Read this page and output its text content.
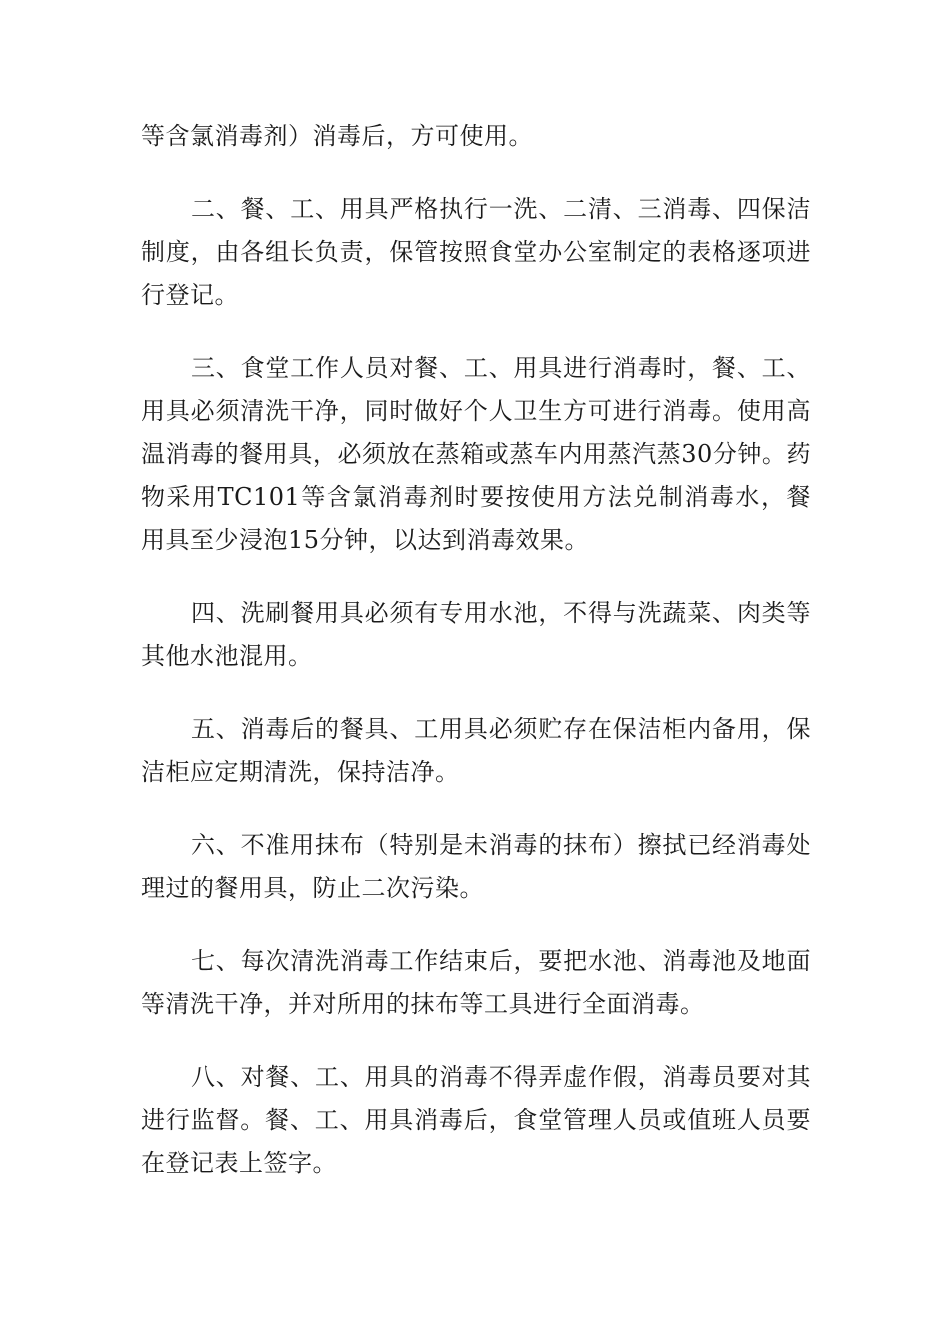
等含氯消毒剂）消毒后，方可使用。

二、餐、工、用具严格执行一洗、二清、三消毒、四保洁制度，由各组长负责，保管按照食堂办公室制定的表格逐项进行登记。

三、食堂工作人员对餐、工、用具进行消毒时，餐、工、用具必须清洗干净，同时做好个人卫生方可进行消毒。使用高温消毒的餐用具，必须放在蒸箱或蒸车内用蒸汽蒸30分钟。药物采用TC101等含氯消毒剂时要按使用方法兑制消毒水，餐用具至少浸泡15分钟，以达到消毒效果。

四、洗刷餐用具必须有专用水池，不得与洗蔬菜、肉类等其他水池混用。

五、消毒后的餐具、工用具必须贮存在保洁柜内备用，保洁柜应定期清洗，保持洁净。

六、不准用抹布（特别是未消毒的抹布）擦拭已经消毒处理过的餐用具，防止二次污染。

七、每次清洗消毒工作结束后，要把水池、消毒池及地面等清洗干净，并对所用的抹布等工具进行全面消毒。

八、对餐、工、用具的消毒不得弄虚作假，消毒员要对其进行监督。餐、工、用具消毒后，食堂管理人员或值班人员要在登记表上签字。
